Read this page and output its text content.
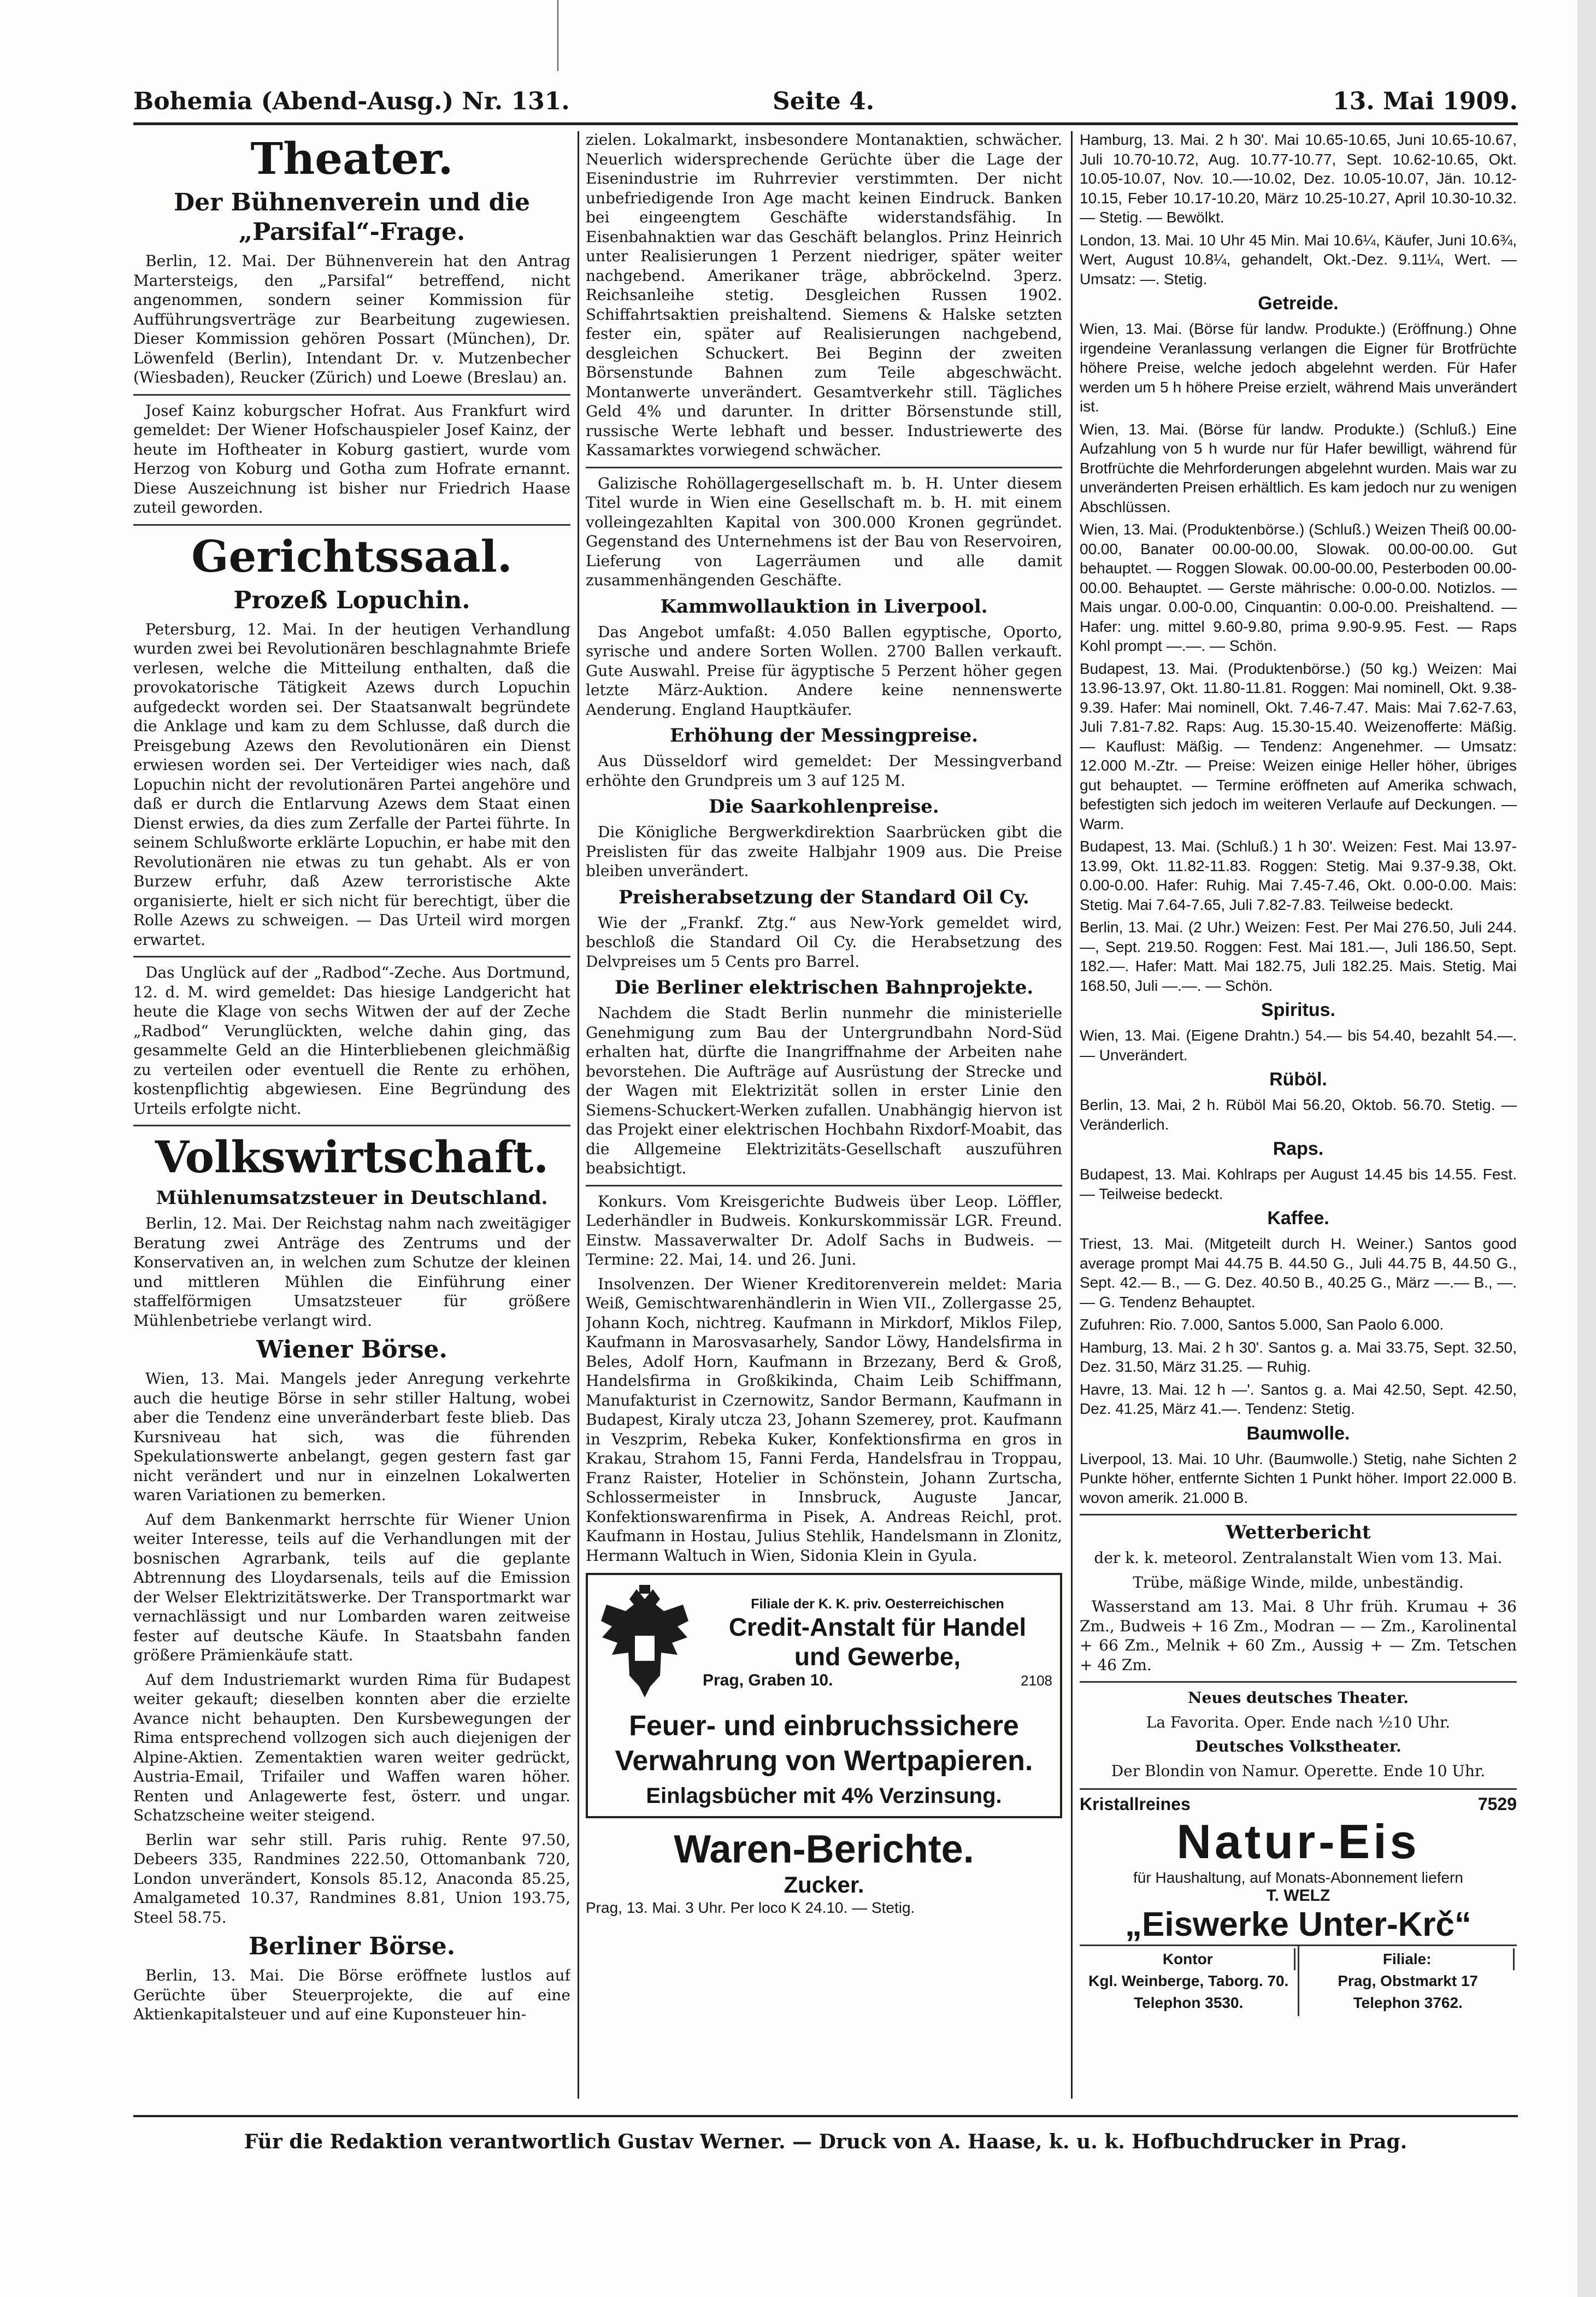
Bohemia (Abend-Ausg.) Nr. 131.	Seite 4.	13. Mai 1909.
Theater.
Der Bühnenverein und die „Parsifal“-Frage.

Berlin, 12. Mai. Der Bühnenverein hat den Antrag Martersteigs, den „Parsifal“ betreffend, nicht angenommen, sondern seiner Kommission für Aufführungsverträge zur Bearbeitung zugewiesen. Dieser Kommission gehören Possart (München), Dr. Löwenfeld (Berlin), Intendant Dr. v. Mutzenbecher (Wiesbaden), Reucker (Zürich) und Loewe (Breslau) an.

Josef Kainz koburgscher Hofrat. Aus Frankfurt wird gemeldet: Der Wiener Hofschauspieler Josef Kainz, der heute im Hoftheater in Koburg gastiert, wurde vom Herzog von Koburg und Gotha zum Hofrate ernannt. Diese Auszeichnung ist bisher nur Friedrich Haase zuteil geworden.

Gerichtssaal.
Prozeß Lopuchin.

Petersburg, 12. Mai. In der heutigen Verhandlung wurden zwei bei Revolutionären beschlagnahmte Briefe verlesen, welche die Mitteilung enthalten, daß die provokatorische Tätigkeit Azews durch Lopuchin aufgedeckt worden sei. Der Staatsanwalt begründete die Anklage und kam zu dem Schlusse, daß durch die Preisgebung Azews den Revolutionären ein Dienst erwiesen worden sei. Der Verteidiger wies nach, daß Lopuchin nicht der revolutionären Partei angehöre und daß er durch die Entlarvung Azews dem Staat einen Dienst erwies, da dies zum Zerfalle der Partei führte. In seinem Schlußworte erklärte Lopuchin, er habe mit den Revolutionären nie etwas zu tun gehabt. Als er von Burzew erfuhr, daß Azew terroristische Akte organisierte, hielt er sich nicht für berechtigt, über die Rolle Azews zu schweigen. — Das Urteil wird morgen erwartet.

Das Unglück auf der „Radbod“-Zeche. Aus Dortmund, 12. d. M. wird gemeldet: Das hiesige Landgericht hat heute die Klage von sechs Witwen der auf der Zeche „Radbod“ Verunglückten, welche dahin ging, das gesammelte Geld an die Hinterbliebenen gleichmäßig zu verteilen oder eventuell die Rente zu erhöhen, kostenpflichtig abgewiesen. Eine Begründung des Urteils erfolgte nicht.

Volkswirtschaft.
Mühlenumsatzsteuer in Deutschland.

Berlin, 12. Mai. Der Reichstag nahm nach zweitägiger Beratung zwei Anträge des Zentrums und der Konservativen an, in welchen zum Schutze der kleinen und mittleren Mühlen die Einführung einer staffelförmigen Umsatzsteuer für größere Mühlenbetriebe verlangt wird.

Wiener Börse.

Wien, 13. Mai. Mangels jeder Anregung verkehrte auch die heutige Börse in sehr stiller Haltung, wobei aber die Tendenz eine unveränderbart feste blieb. Das Kursniveau hat sich, was die führenden Spekulationswerte anbelangt, gegen gestern fast gar nicht verändert und nur in einzelnen Lokalwerten waren Variationen zu bemerken.

Auf dem Bankenmarkt herrschte für Wiener Union weiter Interesse, teils auf die Verhandlungen mit der bosnischen Agrarbank, teils auf die geplante Abtrennung des Lloydarsenals, teils auf die Emission der Welser Elektrizitätswerke. Der Transportmarkt war vernachlässigt und nur Lombarden waren zeitweise fester auf deutsche Käufe. In Staatsbahn fanden größere Prämienkäufe statt.

Auf dem Industriemarkt wurden Rima für Budapest weiter gekauft; dieselben konnten aber die erzielte Avance nicht behaupten. Den Kursbewegungen der Rima entsprechend vollzogen sich auch diejenigen der Alpine-Aktien. Zementaktien waren weiter gedrückt, Austria-Email, Trifailer und Waffen waren höher. Renten und Anlagewerte fest, österr. und ungar. Schatzscheine weiter steigend.

Berlin war sehr still. Paris ruhig. Rente 97.50, Debeers 335, Randmines 222.50, Ottomanbank 720, London unverändert, Konsols 85.12, Anaconda 85.25, Amalgameted 10.37, Randmines 8.81, Union 193.75, Steel 58.75.

Berliner Börse.

Berlin, 13. Mai. Die Börse eröffnete lustlos auf Gerüchte über Steuerprojekte, die auf eine Aktienkapitalsteuer und auf eine Kuponsteuer hin-

zielen. Lokalmarkt, insbesondere Montanaktien, schwächer. Neuerlich widersprechende Gerüchte über die Lage der Eisenindustrie im Ruhrrevier verstimmten. Der nicht unbefriedigende Iron Age macht keinen Eindruck. Banken bei eingeengtem Geschäfte widerstandsfähig. In Eisenbahnaktien war das Geschäft belanglos. Prinz Heinrich unter Realisierungen 1 Perzent niedriger, später weiter nachgebend. Amerikaner träge, abbröckelnd. 3perz. Reichsanleihe stetig. Desgleichen Russen 1902. Schiffahrtsaktien preishaltend. Siemens & Halske setzten fester ein, später auf Realisierungen nachgebend, desgleichen Schuckert. Bei Beginn der zweiten Börsenstunde Bahnen zum Teile abgeschwächt. Montanwerte unverändert. Gesamtverkehr still. Tägliches Geld 4% und darunter. In dritter Börsenstunde still, russische Werte lebhaft und besser. Industriewerte des Kassamarktes vorwiegend schwächer.

Galizische Rohöllagergesellschaft m. b. H. Unter diesem Titel wurde in Wien eine Gesellschaft m. b. H. mit einem volleingezahlten Kapital von 300.000 Kronen gegründet. Gegenstand des Unternehmens ist der Bau von Reservoiren, Lieferung von Lagerräumen und alle damit zusammenhängenden Geschäfte.

Kammwollauktion in Liverpool.

Das Angebot umfaßt: 4.050 Ballen egyptische, Oporto, syrische und andere Sorten Wollen. 2700 Ballen verkauft. Gute Auswahl. Preise für ägyptische 5 Perzent höher gegen letzte März-Auktion. Andere keine nennenswerte Aenderung. England Hauptkäufer.

Erhöhung der Messingpreise.

Aus Düsseldorf wird gemeldet: Der Messingverband erhöhte den Grundpreis um 3 auf 125 M.

Die Saarkohlenpreise.

Die Königliche Bergwerkdirektion Saarbrücken gibt die Preislisten für das zweite Halbjahr 1909 aus. Die Preise bleiben unverändert.

Preisherabsetzung der Standard Oil Cy.

Wie der „Frankf. Ztg.“ aus New-York gemeldet wird, beschloß die Standard Oil Cy. die Herabsetzung des Delvpreises um 5 Cents pro Barrel.

Die Berliner elektrischen Bahnprojekte.

Nachdem die Stadt Berlin nunmehr die ministerielle Genehmigung zum Bau der Untergrundbahn Nord-Süd erhalten hat, dürfte die Inangriffnahme der Arbeiten nahe bevorstehen. Die Aufträge auf Ausrüstung der Strecke und der Wagen mit Elektrizität sollen in erster Linie den Siemens-Schuckert-Werken zufallen. Unabhängig hiervon ist das Projekt einer elektrischen Hochbahn Rixdorf-Moabit, das die Allgemeine Elektrizitäts-Gesellschaft auszuführen beabsichtigt.

Konkurs. Vom Kreisgerichte Budweis über Leop. Löffler, Lederhändler in Budweis. Konkurskommissär LGR. Freund. Einstw. Massaverwalter Dr. Adolf Sachs in Budweis. — Termine: 22. Mai, 14. und 26. Juni.

Insolvenzen. Der Wiener Kreditorenverein meldet: Maria Weiß, Gemischtwarenhändlerin in Wien VII., Zollergasse 25, Johann Koch, nichtreg. Kaufmann in Mirkdorf, Miklos Filep, Kaufmann in Marosvasarhely, Sandor Löwy, Handelsfirma in Beles, Adolf Horn, Kaufmann in Brzezany, Berd & Groß, Handelsfirma in Großkikinda, Chaim Leib Schiffmann, Manufakturist in Czernowitz, Sandor Bermann, Kaufmann in Budapest, Kiraly utcza 23, Johann Szemerey, prot. Kaufmann in Veszprim, Rebeka Kuker, Konfektionsfirma en gros in Krakau, Strahom 15, Fanni Ferda, Handelsfrau in Troppau, Franz Raister, Hotelier in Schönstein, Johann Zurtscha, Schlossermeister in Innsbruck, Auguste Jancar, Konfektionswarenfirma in Pisek, A. Andreas Reichl, prot. Kaufmann in Hostau, Julius Stehlik, Handelsmann in Zlonitz, Hermann Waltuch in Wien, Sidonia Klein in Gyula.

Filiale der K. K. priv. Oesterreichischen
Credit-Anstalt für Handel und Gewerbe,
Prag, Graben 10.	2108
Feuer- und einbruchssichere Verwahrung von Wertpapieren.
Einlagsbücher mit 4% Verzinsung.
Waren-Berichte.
Zucker.

Prag, 13. Mai. 3 Uhr. Per loco K 24.10. — Stetig.

Hamburg, 13. Mai. 2 h 30'. Mai 10.65-10.65, Juni 10.65-10.67, Juli 10.70-10.72, Aug. 10.77-10.77, Sept. 10.62-10.65, Okt. 10.05-10.07, Nov. 10.—-10.02, Dez. 10.05-10.07, Jän. 10.12-10.15, Feber 10.17-10.20, März 10.25-10.27, April 10.30-10.32. — Stetig. — Bewölkt.

London, 13. Mai. 10 Uhr 45 Min. Mai 10.6¼, Käufer, Juni 10.6¾, Wert, August 10.8¼, gehandelt, Okt.-Dez. 9.11¼, Wert. — Umsatz: —. Stetig.

Getreide.

Wien, 13. Mai. (Börse für landw. Produkte.) (Eröffnung.) Ohne irgendeine Veranlassung verlangen die Eigner für Brotfrüchte höhere Preise, welche jedoch abgelehnt werden. Für Hafer werden um 5 h höhere Preise erzielt, während Mais unverändert ist.

Wien, 13. Mai. (Börse für landw. Produkte.) (Schluß.) Eine Aufzahlung von 5 h wurde nur für Hafer bewilligt, während für Brotfrüchte die Mehrforderungen abgelehnt wurden. Mais war zu unveränderten Preisen erhältlich. Es kam jedoch nur zu wenigen Abschlüssen.

Wien, 13. Mai. (Produktenbörse.) (Schluß.) Weizen Theiß 00.00-00.00, Banater 00.00-00.00, Slowak. 00.00-00.00. Gut behauptet. — Roggen Slowak. 00.00-00.00, Pesterboden 00.00-00.00. Behauptet. — Gerste mährische: 0.00-0.00. Notizlos. — Mais ungar. 0.00-0.00, Cinquantin: 0.00-0.00. Preishaltend. — Hafer: ung. mittel 9.60-9.80, prima 9.90-9.95. Fest. — Raps Kohl prompt —.—. — Schön.

Budapest, 13. Mai. (Produktenbörse.) (50 kg.) Weizen: Mai 13.96-13.97, Okt. 11.80-11.81. Roggen: Mai nominell, Okt. 9.38-9.39. Hafer: Mai nominell, Okt. 7.46-7.47. Mais: Mai 7.62-7.63, Juli 7.81-7.82. Raps: Aug. 15.30-15.40. Weizenofferte: Mäßig. — Kauflust: Mäßig. — Tendenz: Angenehmer. — Umsatz: 12.000 M.-Ztr. — Preise: Weizen einige Heller höher, übriges gut behauptet. — Termine eröffneten auf Amerika schwach, befestigten sich jedoch im weiteren Verlaufe auf Deckungen. — Warm.

Budapest, 13. Mai. (Schluß.) 1 h 30'. Weizen: Fest. Mai 13.97-13.99, Okt. 11.82-11.83. Roggen: Stetig. Mai 9.37-9.38, Okt. 0.00-0.00. Hafer: Ruhig. Mai 7.45-7.46, Okt. 0.00-0.00. Mais: Stetig. Mai 7.64-7.65, Juli 7.82-7.83. Teilweise bedeckt.

Berlin, 13. Mai. (2 Uhr.) Weizen: Fest. Per Mai 276.50, Juli 244.—, Sept. 219.50. Roggen: Fest. Mai 181.—, Juli 186.50, Sept. 182.—. Hafer: Matt. Mai 182.75, Juli 182.25. Mais. Stetig. Mai 168.50, Juli —.—. — Schön.

Spiritus.

Wien, 13. Mai. (Eigene Drahtn.) 54.— bis 54.40, bezahlt 54.—. — Unverändert.

Rüböl.

Berlin, 13. Mai, 2 h. Rüböl Mai 56.20, Oktob. 56.70. Stetig. — Veränderlich.

Raps.

Budapest, 13. Mai. Kohlraps per August 14.45 bis 14.55. Fest. — Teilweise bedeckt.

Kaffee.

Triest, 13. Mai. (Mitgeteilt durch H. Weiner.) Santos good average prompt Mai 44.75 B. 44.50 G., Juli 44.75 B, 44.50 G., Sept. 42.— B., — G. Dez. 40.50 B., 40.25 G., März —.— B., —.— G. Tendenz Behauptet.

Zufuhren: Rio. 7.000, Santos 5.000, San Paolo 6.000.

Hamburg, 13. Mai. 2 h 30'. Santos g. a. Mai 33.75, Sept. 32.50, Dez. 31.50, März 31.25. — Ruhig.

Havre, 13. Mai. 12 h —'. Santos g. a. Mai 42.50, Sept. 42.50, Dez. 41.25, März 41.—. Tendenz: Stetig.

Baumwolle.

Liverpool, 13. Mai. 10 Uhr. (Baumwolle.) Stetig, nahe Sichten 2 Punkte höher, entfernte Sichten 1 Punkt höher. Import 22.000 B. wovon amerik. 21.000 B.

Wetterbericht

der k. k. meteorol. Zentralanstalt Wien vom 13. Mai.

Trübe, mäßige Winde, milde, unbeständig.

Wasserstand am 13. Mai. 8 Uhr früh. Krumau + 36 Zm., Budweis + 16 Zm., Modran — — Zm., Karolinental + 66 Zm., Melnik + 60 Zm., Aussig + — Zm. Tetschen + 46 Zm.

Neues deutsches Theater.

La Favorita. Oper. Ende nach ½10 Uhr.

Deutsches Volkstheater.

Der Blondin von Namur. Operette. Ende 10 Uhr.

Kristallreines	7529
Natur-Eis
für Haushaltung, auf Monats-Abonnement liefern
T. WELZ
„Eiswerke Unter-Krč“
Kontor
Kgl. Weinberge, Taborg. 70.
Telephon 3530.
Filiale:
Prag, Obstmarkt 17
Telephon 3762.
Für die Redaktion verantwortlich Gustav Werner. — Druck von A. Haase, k. u. k. Hofbuchdrucker in Prag.
